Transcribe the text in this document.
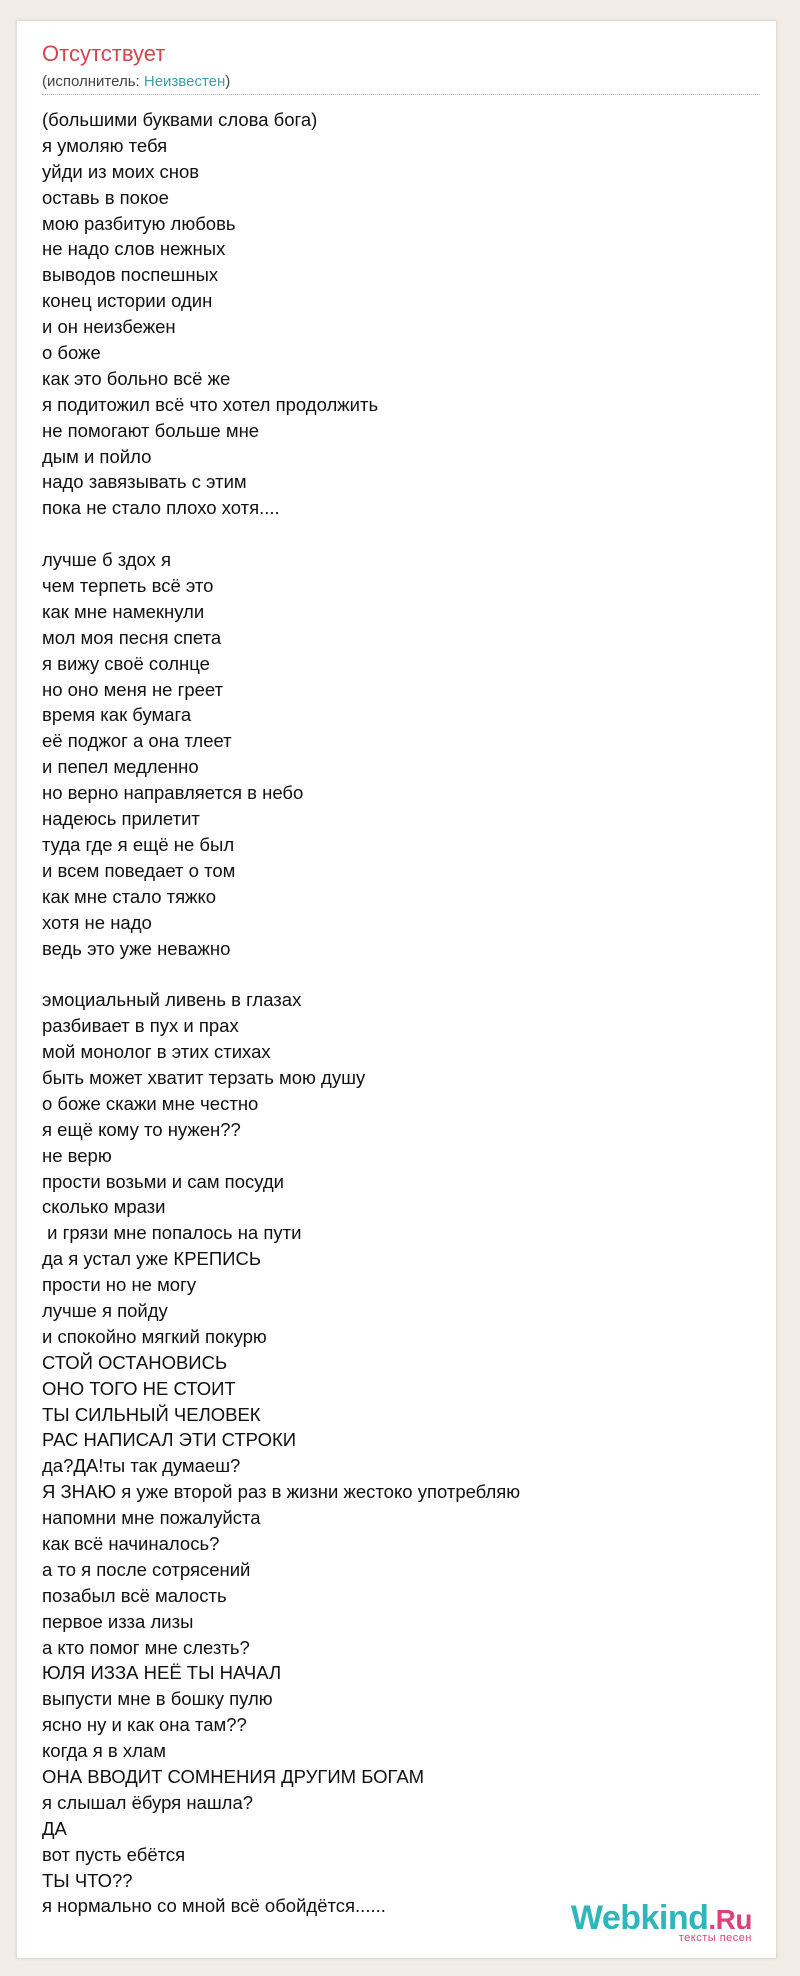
Отсутствует
(исполнитель: Неизвестен)
(большими буквами слова бога)
я умоляю тебя
уйди из моих снов
оставь в покое
мою разбитую любовь
не надо слов нежных
выводов поспешных
конец истории один
и он неизбежен
о боже
как это больно всё же
я подитожил всё что хотел продолжить
не помогают больше мне
дым и пойло
надо завязывать с этим
пока не стало плохо хотя....
лучше б здох я
чем терпеть всё это
как мне намекнули
мол моя песня спета
я вижу своё солнце
но оно меня не греет
время как бумага
её поджог а она тлеет
и пепел медленно
но верно направляется в небо
надеюсь прилетит
туда где я ещё не был
и всем поведает о том
как мне стало тяжко
хотя не надо
ведь это уже неважно
эмоциальный ливень в глазах
разбивает в пух и прах
мой монолог в этих стихах
быть может хватит терзать мою душу
о боже скажи мне честно
я ещё кому то нужен??
не верю
прости возьми и сам посуди
сколько мрази
и грязи мне попалось на пути
да я устал уже КРЕПИСЬ
прости но не могу
лучше я пойду
и спокойно мягкий покурю
СТОЙ ОСТАНОВИСЬ
ОНО ТОГО НЕ СТОИТ
ТЫ СИЛЬНЫЙ ЧЕЛОВЕК
РАС НАПИСАЛ ЭТИ СТРОКИ
да?ДА!ты так думаеш?
Я ЗНАЮ я уже второй раз в жизни жестоко употребляю
напомни мне пожалуйста
как всё начиналось?
а то я после сотрясений
позабыл всё малость
первое изза лизы
а кто помог мне слезть?
ЮЛЯ ИЗЗА НЕЁ ТЫ НАЧАЛ
выпусти мне в бошку пулю
ясно ну и как она там??
когда я в хлам
ОНА ВВОДИТ СОМНЕНИЯ ДРУГИМ БОГАМ
я слышал ёбуря нашла?
ДА
вот пусть ебётся
ТЫ ЧТО??
я нормально со мной всё обойдётся......	Webkind.Ru
тексты песен
